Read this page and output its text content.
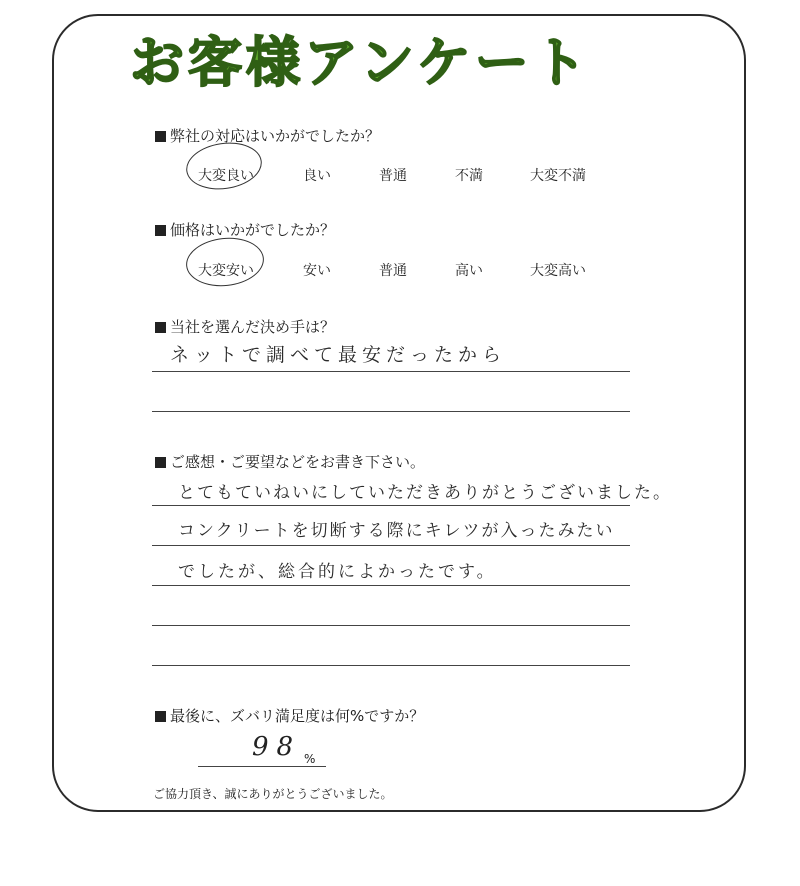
お客様アンケート
弊社の対応はいかがでしたか？
大変良い	良い	普通	不満	大変不満
価格はいかがでしたか？
大変安い	安い	普通	高い	大変高い
当社を選んだ決め手は？
ネットで調べて最安だったから
ご感想・ご要望などをお書き下さい。
とてもていねいにしていただきありがとうございました。
コンクリートを切断する際にキレツが入ったみたい
でしたが、総合的によかったです。
最後に、ズバリ満足度は何%ですか？
98 %
ご協力頂き、誠にありがとうございました。
